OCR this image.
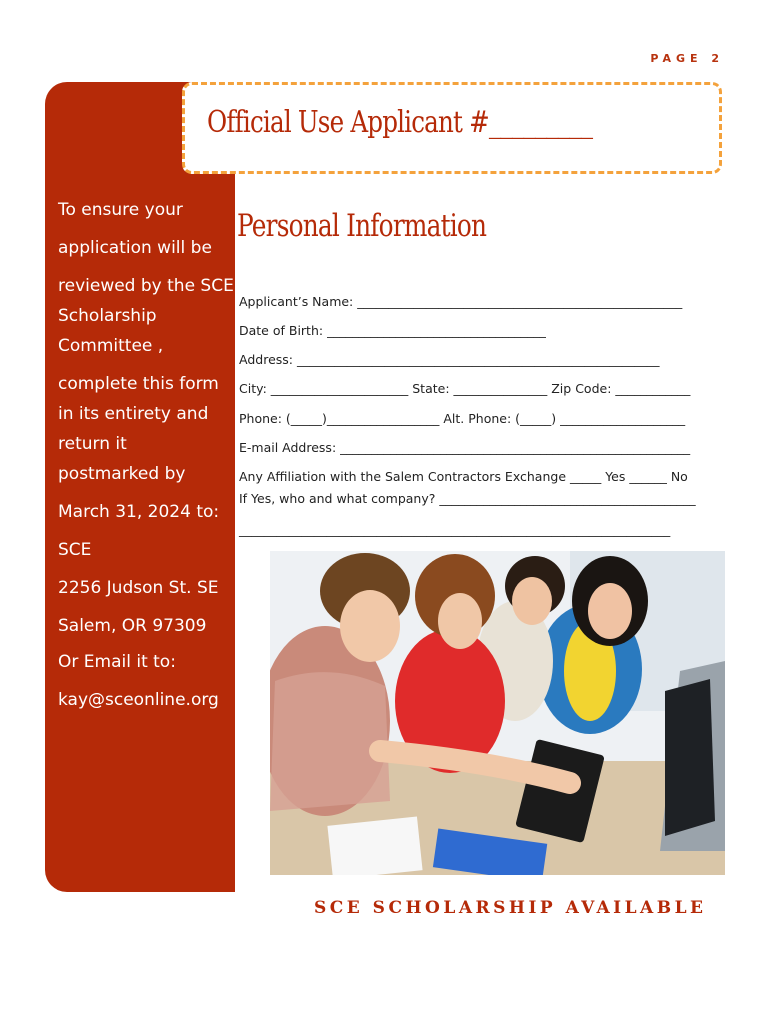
PAGE 2

To ensure your

application will be

reviewed by the SCE

Scholarship

Committee ,

complete this form

in its entirety and

return it

postmarked by

March 31, 2024 to:

SCE

2256 Judson St. SE

Salem, OR 97309

Or Email it to:

kay@sceonline.org

Official Use Applicant #_________
Personal Information
Applicant’s Name: ____________________________________________________
Date of Birth: ___________________________________
Address: __________________________________________________________
City: ______________________ State: _______________ Zip Code: ____________
Phone: (_____)__________________ Alt. Phone: (_____) ____________________
E-mail Address: ________________________________________________________
Any Affiliation with the Salem Contractors Exchange _____ Yes ______ No
If Yes, who and what company? _________________________________________
_____________________________________________________________________
SCE SCHOLARSHIP AVAILABLE
